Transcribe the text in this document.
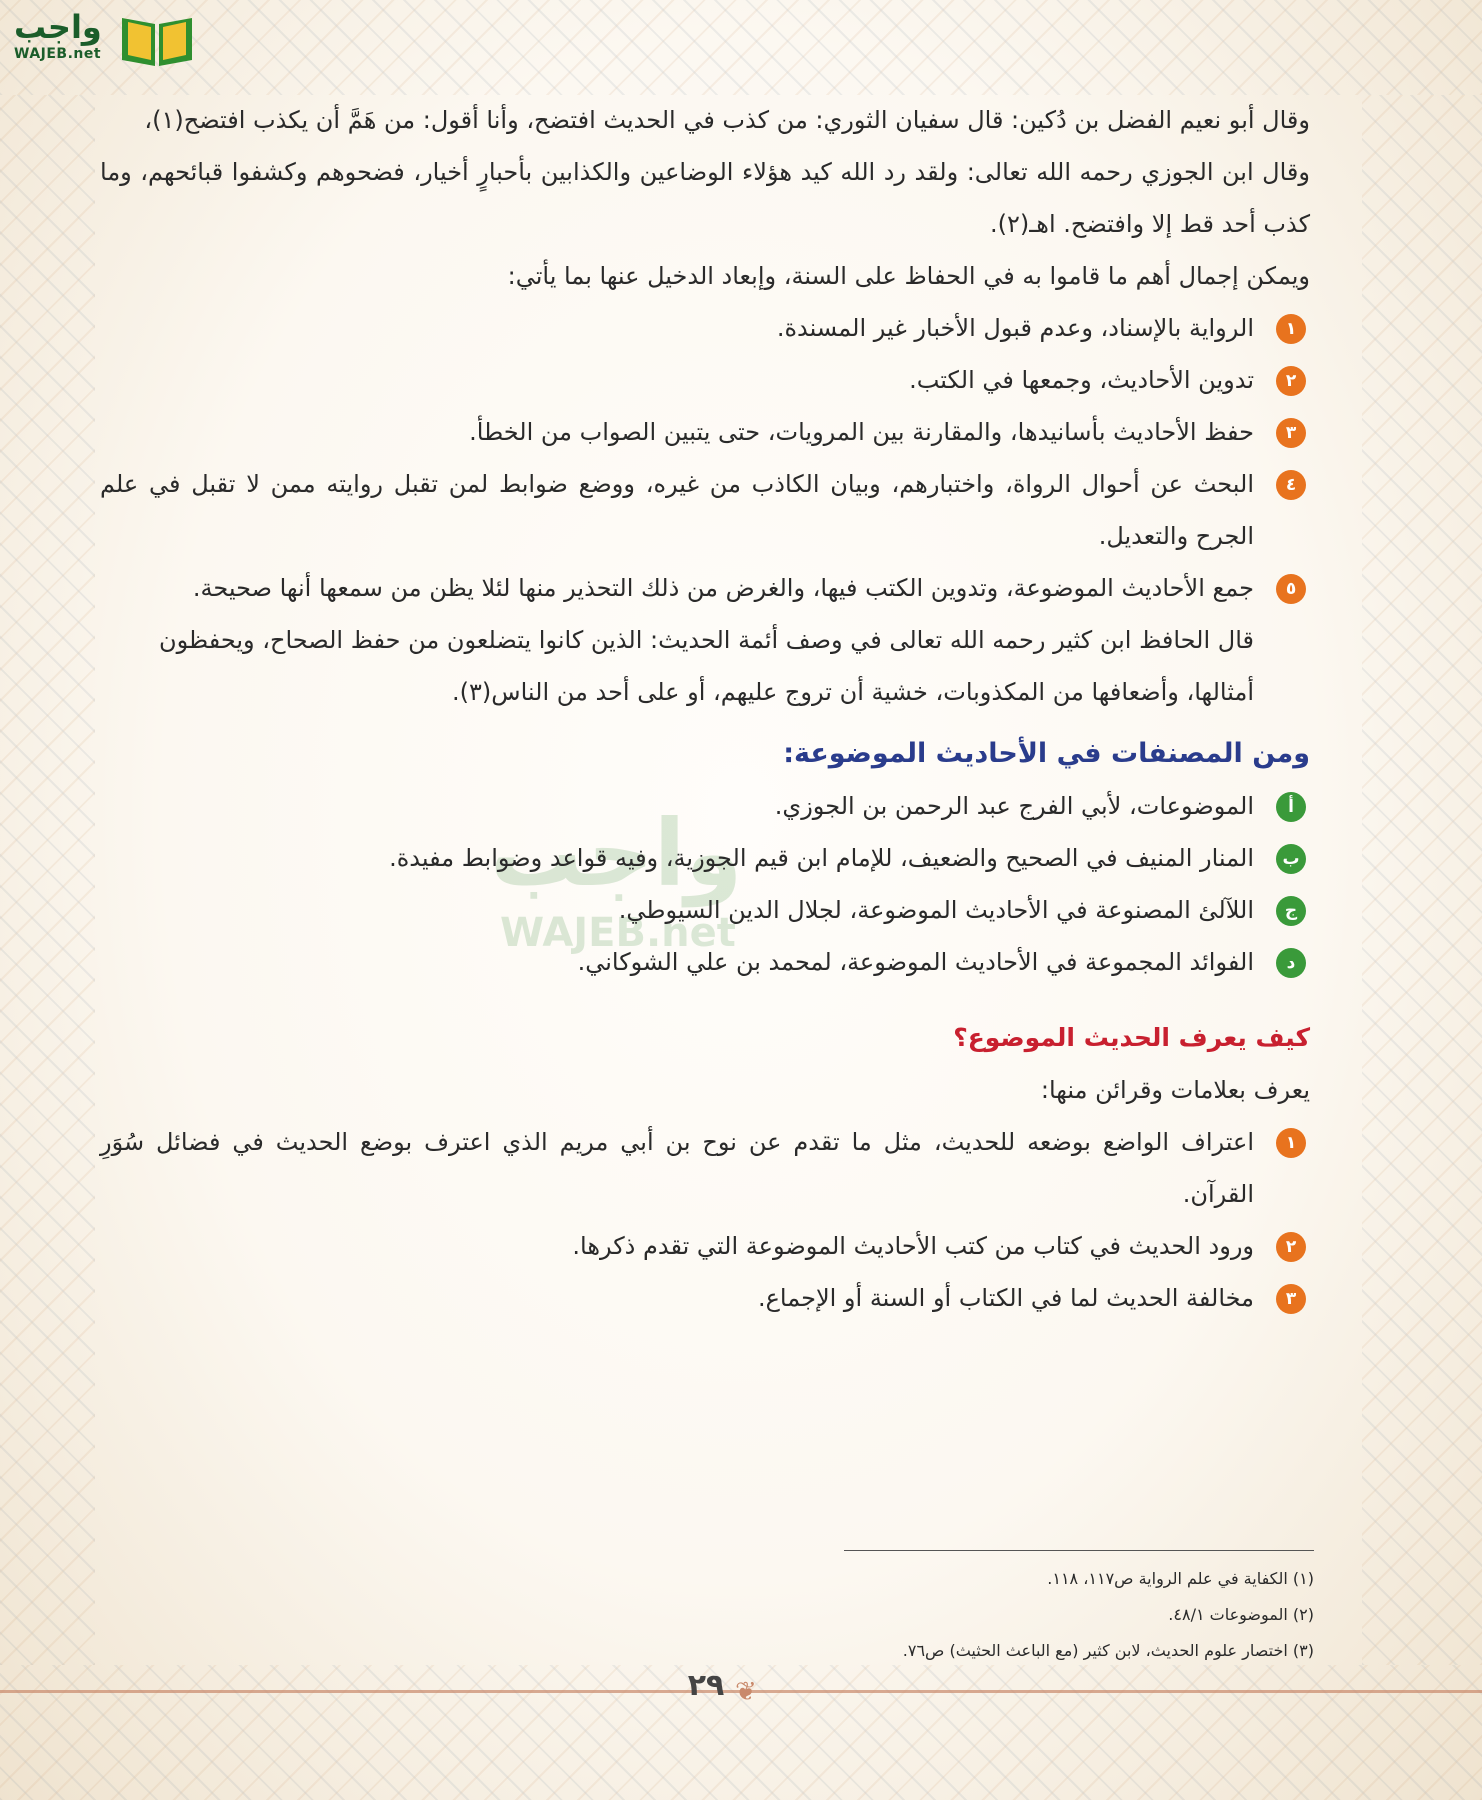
واجب
WAJEB.net

وقال أبو نعيم الفضل بن دُكين: قال سفيان الثوري: من كذب في الحديث افتضح، وأنا أقول: من هَمَّ أن يكذب افتضح(١)،

وقال ابن الجوزي رحمه الله تعالى: ولقد رد الله كيد هؤلاء الوضاعين والكذابين بأحبارٍ أخيار، فضحوهم وكشفوا قبائحهم، وما كذب أحد قط إلا وافتضح. اهـ(٢).

ويمكن إجمال أهم ما قاموا به في الحفاظ على السنة، وإبعاد الدخيل عنها بما يأتي:

١
الرواية بالإسناد، وعدم قبول الأخبار غير المسندة.
٢
تدوين الأحاديث، وجمعها في الكتب.
٣
حفظ الأحاديث بأسانيدها، والمقارنة بين المرويات، حتى يتبين الصواب من الخطأ.
٤
البحث عن أحوال الرواة، واختبارهم، وبيان الكاذب من غيره، ووضع ضوابط لمن تقبل روايته ممن لا تقبل في علم الجرح والتعديل.
٥
جمع الأحاديث الموضوعة، وتدوين الكتب فيها، والغرض من ذلك التحذير منها لئلا يظن من سمعها أنها صحيحة.

قال الحافظ ابن كثير رحمه الله تعالى في وصف أئمة الحديث: الذين كانوا يتضلعون من حفظ الصحاح، ويحفظون أمثالها، وأضعافها من المكذوبات، خشية أن تروج عليهم، أو على أحد من الناس(٣).

ومن المصنفات في الأحاديث الموضوعة:
أ
الموضوعات، لأبي الفرج عبد الرحمن بن الجوزي.
ب
المنار المنيف في الصحيح والضعيف، للإمام ابن قيم الجوزية، وفيه قواعد وضوابط مفيدة.
ج
اللآلئ المصنوعة في الأحاديث الموضوعة، لجلال الدين السيوطي.
د
الفوائد المجموعة في الأحاديث الموضوعة، لمحمد بن علي الشوكاني.
كيف يعرف الحديث الموضوع؟

يعرف بعلامات وقرائن منها:

١
اعتراف الواضع بوضعه للحديث، مثل ما تقدم عن نوح بن أبي مريم الذي اعترف بوضع الحديث في فضائل سُوَرِ القرآن.
٢
ورود الحديث في كتاب من كتب الأحاديث الموضوعة التي تقدم ذكرها.
٣
مخالفة الحديث لما في الكتاب أو السنة أو الإجماع.
(١) الكفاية في علم الرواية ص١١٧، ١١٨.
(٢) الموضوعات ٤٨/١.
(٣) اختصار علوم الحديث، لابن كثير (مع الباعث الحثيث) ص٧٦.
٢٩ ❦
